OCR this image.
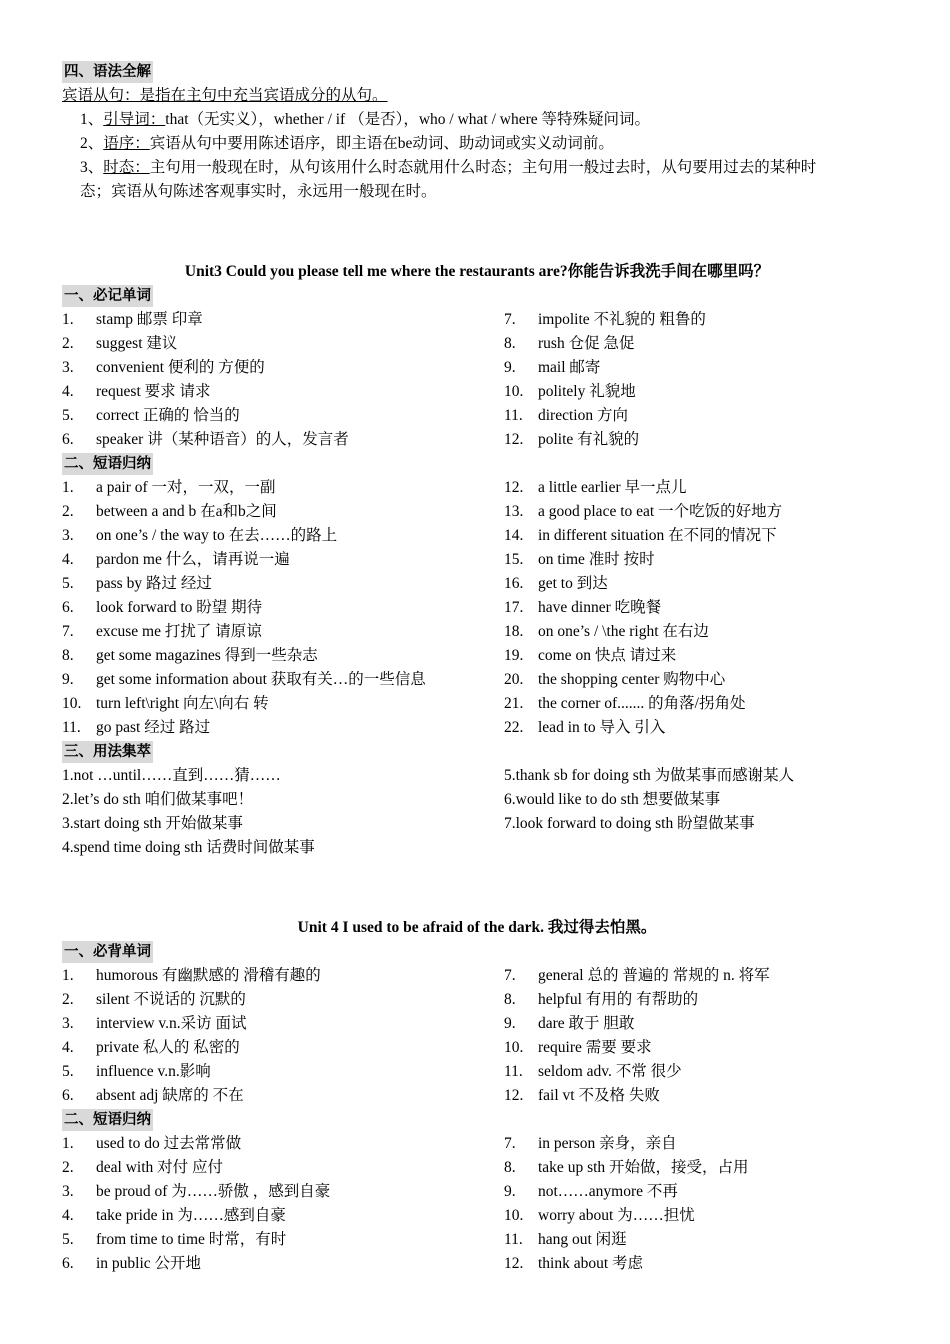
四、语法全解
宾语从句：是指在主句中充当宾语成分的从句。
1、引导词：that（无实义），whether / if （是否），who / what / where 等特殊疑问词。
2、语序：宾语从句中要用陈述语序，即主语在be动词、助动词或实义动词前。
3、时态：主句用一般现在时，从句该用什么时态就用什么时态；主句用一般过去时，从句要用过去的某种时
态；宾语从句陈述客观事实时，永远用一般现在时。
Unit3 Could you please tell me where the restaurants are?你能告诉我洗手间在哪里吗？
一、必记单词
1.	stamp 邮票 印章
2.	suggest 建议
3.	convenient 便利的 方便的
4.	request 要求 请求
5.	correct 正确的 恰当的
6.	speaker 讲（某种语音）的人，发言者
7.	impolite 不礼貌的 粗鲁的
8.	rush 仓促 急促
9.	mail 邮寄
10. politely 礼貌地
11. direction 方向
12. polite 有礼貌的
二、短语归纳
1.	a pair of 一对，一双，一副
2.	between a and b 在a和b之间
3.	on one’s / the way to 在去……的路上
4.	pardon me 什么，请再说一遍
5.	pass by 路过 经过
6.	look forward to 盼望 期待
7.	excuse me 打扰了 请原谅
8.	get some magazines 得到一些杂志
9.	get some information about 获取有关…的一些信息
10. turn left\right 向左\向右 转
11. go past 经过 路过
12. a little earlier 早一点儿
13. a good place to eat 一个吃饭的好地方
14. in different situation 在不同的情况下
15. on time 准时 按时
16. get to 到达
17. have dinner 吃晚餐
18. on one’s / \the right 在右边
19. come on 快点 请过来
20. the shopping center 购物中心
21. the corner of....... 的角落/拐角处
22. lead in to 导入 引入
三、用法集萃
1.not …until……直到……猜……
2.let’s do sth 咱们做某事吧！
3.start doing sth 开始做某事
4.spend time doing sth 话费时间做某事
5.thank sb for doing sth 为做某事而感谢某人
6.would like to do sth 想要做某事
7.look forward to doing sth 盼望做某事
Unit 4 I used to be afraid of the dark. 我过得去怕黑。
一、必背单词
1.	humorous 有幽默感的 滑稽有趣的
2.	silent 不说话的 沉默的
3.	interview v.n.采访 面试
4.	private 私人的 私密的
5.	influence v.n.影响
6.	absent adj 缺席的 不在
7.	general 总的 普遍的 常规的 n. 将军
8.	helpful 有用的 有帮助的
9.	dare 敢于 胆敢
10. require 需要 要求
11. seldom adv. 不常 很少
12. fail vt 不及格 失败
二、短语归纳
1.	used to do 过去常常做
2.	deal with 对付 应付
3.	be proud of 为……骄傲 ，感到自豪
4.	take pride in 为……感到自豪
5.	from time to time 时常，有时
6.	in public 公开地
7.	in person 亲身，亲自
8.	take up sth 开始做，接受，占用
9.	not……anymore 不再
10. worry about 为……担忧
11. hang out 闲逛
12. think about 考虑
